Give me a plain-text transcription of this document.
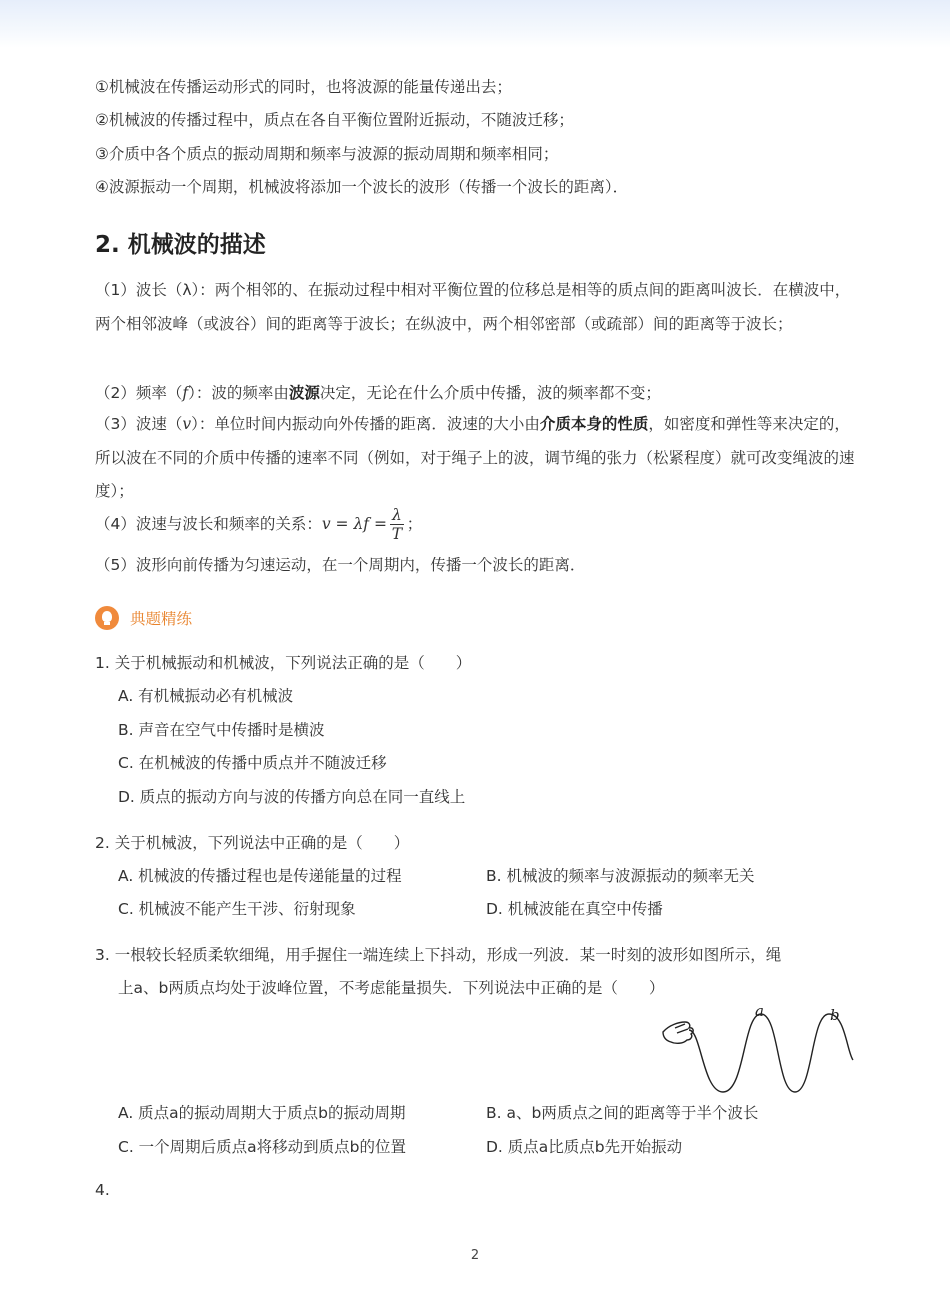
①机械波在传播运动形式的同时，也将波源的能量传递出去；
②机械波的传播过程中，质点在各自平衡位置附近振动，不随波迁移；
③介质中各个质点的振动周期和频率与波源的振动周期和频率相同；
④波源振动一个周期，机械波将添加一个波长的波形（传播一个波长的距离）．
2. 机械波的描述
（1）波长（λ）：两个相邻的、在振动过程中相对平衡位置的位移总是相等的质点间的距离叫波长．在横波中，两个相邻波峰（或波谷）间的距离等于波长；在纵波中，两个相邻密部（或疏部）间的距离等于波长；
（2）频率（f）：波的频率由波源决定，无论在什么介质中传播，波的频率都不变；
（3）波速（v）：单位时间内振动向外传播的距离．波速的大小由介质本身的性质，如密度和弹性等来决定的，所以波在不同的介质中传播的速率不同（例如，对于绳子上的波，调节绳的张力（松紧程度）就可改变绳波的速度）；
（4）波速与波长和频率的关系：$v = \lambda f = \frac{\lambda}{T}$ ；
（5）波形向前传播为匀速运动，在一个周期内，传播一个波长的距离．
典题精练
1. 关于机械振动和机械波，下列说法正确的是（　　）
A. 有机械振动必有机械波
B. 声音在空气中传播时是横波
C. 在机械波的传播中质点并不随波迁移
D. 质点的振动方向与波的传播方向总在同一直线上
2. 关于机械波，下列说法中正确的是（　　）
A. 机械波的传播过程也是传递能量的过程	B. 机械波的频率与波源振动的频率无关
C. 机械波不能产生干涉、衍射现象	D. 机械波能在真空中传播
3. 一根较长轻质柔软细绳，用手握住一端连续上下抖动，形成一列波．某一时刻的波形如图所示，绳
上a、b两质点均处于波峰位置，不考虑能量损失．下列说法中正确的是（　　）
a	b
A. 质点a的振动周期大于质点b的振动周期	B. a、b两质点之间的距离等于半个波长
C. 一个周期后质点a将移动到质点b的位置	D. 质点a比质点b先开始振动
4.
2
